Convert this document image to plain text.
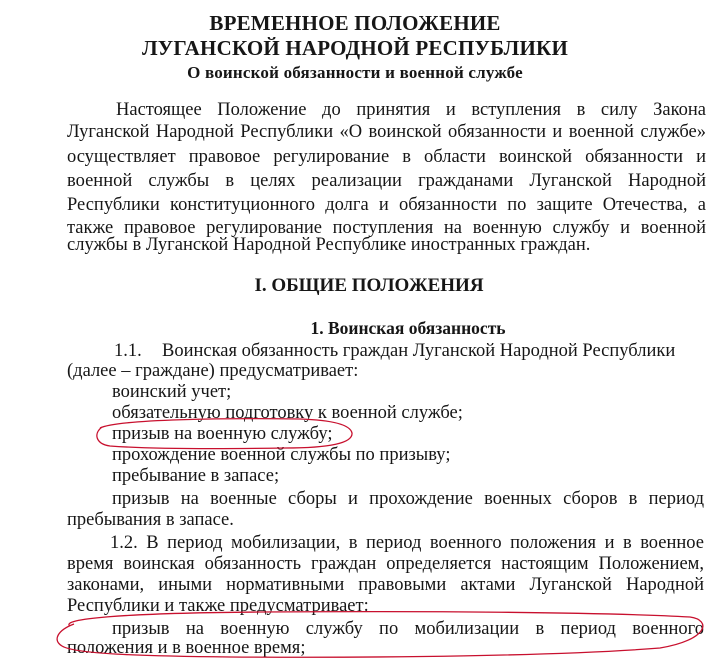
ВРЕМЕННОЕ ПОЛОЖЕНИЕ
ЛУГАНСКОЙ НАРОДНОЙ РЕСПУБЛИКИ
О воинской обязанности и военной службе
Настоящее Положение до принятия и вступления в силу Закона
Луганской Народной Республики «О воинской обязанности и военной службе»
осуществляет правовое регулирование в области воинской обязанности и
военной службы в целях реализации гражданами Луганской Народной
Республики конституционного долга и обязанности по защите Отечества, а
также правовое регулирование поступления на военную службу и военной
службы в Луганской Народной Республике иностранных граждан.
I. ОБЩИЕ ПОЛОЖЕНИЯ
1. Воинская обязанность
1.1. Воинская обязанность граждан Луганской Народной Республики
(далее – граждане) предусматривает:
воинский учет;
обязательную подготовку к военной службе;
призыв на военную службу;
прохождение военной службы по призыву;
пребывание в запасе;
призыв на военные сборы и прохождение военных сборов в период
пребывания в запасе.
1.2. В период мобилизации, в период военного положения и в военное
время воинская обязанность граждан определяется настоящим Положением,
законами, иными нормативными правовыми актами Луганской Народной
Республики и также предусматривает:
призыв на военную службу по мобилизации в период военного
положения и в военное время;
